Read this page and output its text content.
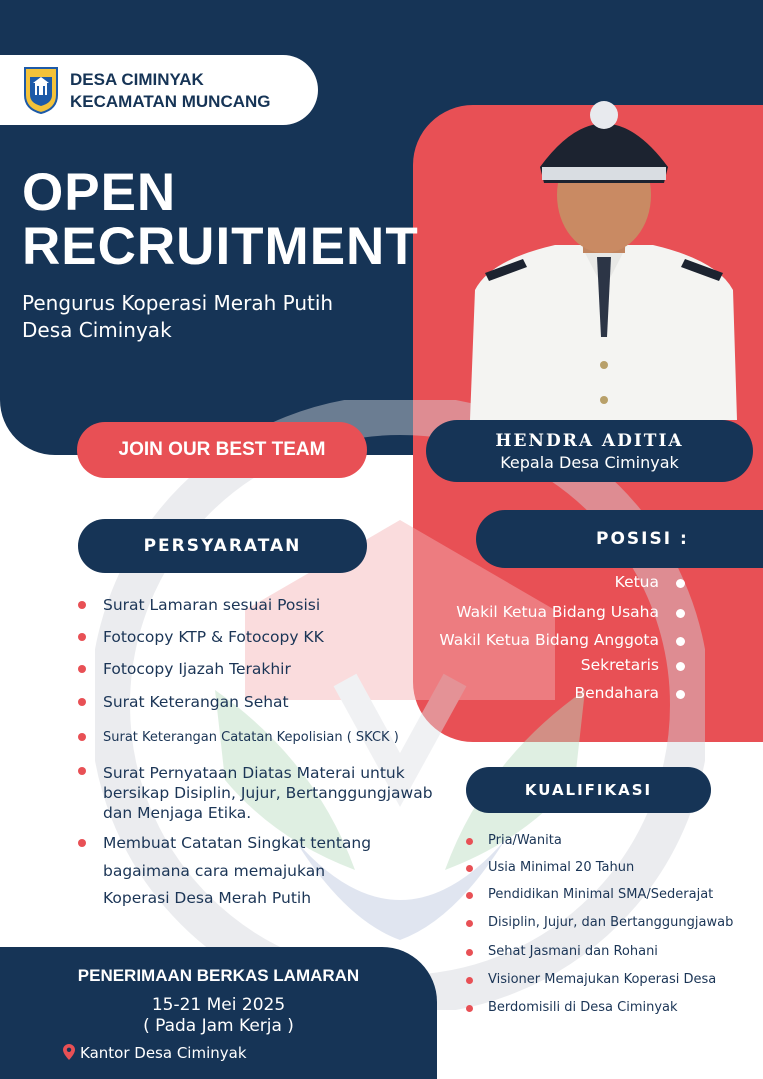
DESA CIMINYAK
KECAMATAN MUNCANG
OPEN
RECRUITMENT
Pengurus Koperasi Merah Putih
Desa Ciminyak
JOIN OUR BEST TEAM	HENDRA ADITIA
Kepala Desa Ciminyak
PERSYARATAN	POSISI :
KUALIFIKASI
Surat Lamaran sesuai Posisi
Fotocopy KTP & Fotocopy KK
Fotocopy Ijazah Terakhir
Surat Keterangan Sehat
Surat Keterangan Catatan Kepolisian ( SKCK )
Surat Pernyataan Diatas Materai untuk
bersikap Disiplin, Jujur, Bertanggungjawab
dan Menjaga Etika.
Membuat Catatan Singkat tentang
bagaimana cara memajukan
Koperasi Desa Merah Putih
Ketua
Wakil Ketua Bidang Usaha
Wakil Ketua Bidang Anggota
Sekretaris
Bendahara
Pria/Wanita
Usia Minimal 20 Tahun
Pendidikan Minimal SMA/Sederajat
Disiplin, Jujur, dan Bertanggungjawab
Sehat Jasmani dan Rohani
Visioner Memajukan Koperasi Desa
Berdomisili di Desa Ciminyak
PENERIMAAN BERKAS LAMARAN
15-21 Mei 2025
( Pada Jam Kerja )
Kantor Desa Ciminyak
